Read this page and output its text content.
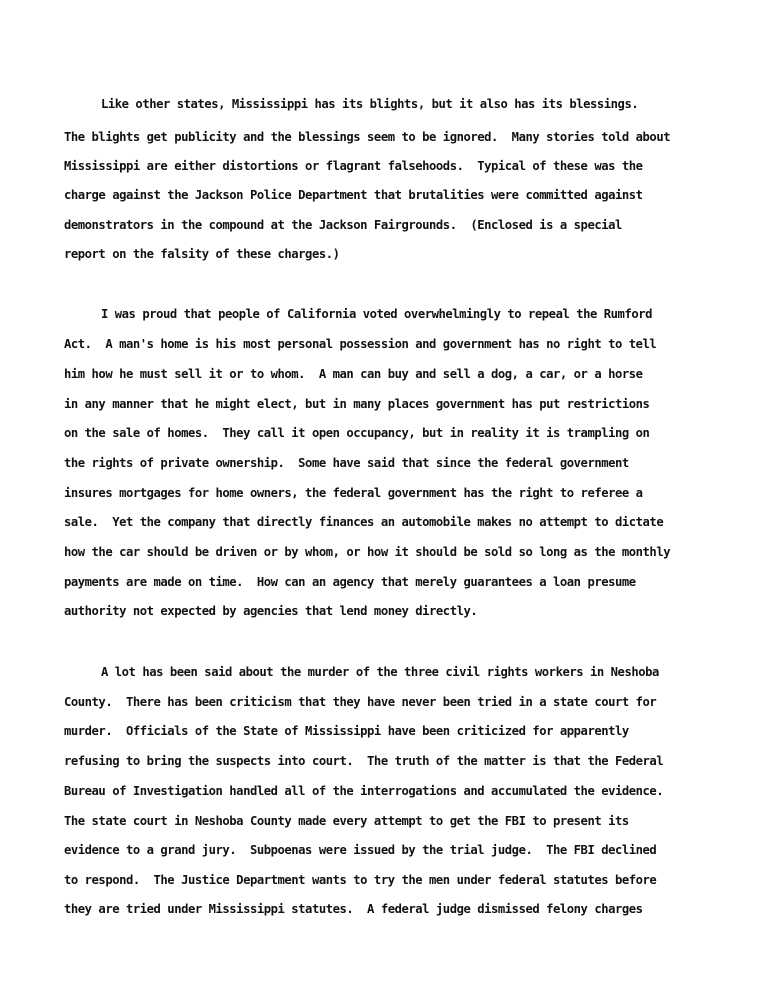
Like other states, Mississippi has its blights, but it also has its blessings.
The blights get publicity and the blessings seem to be ignored.  Many stories told about
Mississippi are either distortions or flagrant falsehoods.  Typical of these was the
charge against the Jackson Police Department that brutalities were committed against
demonstrators in the compound at the Jackson Fairgrounds.  (Enclosed is a special
report on the falsity of these charges.)
I was proud that people of California voted overwhelmingly to repeal the Rumford
Act.  A man's home is his most personal possession and government has no right to tell
him how he must sell it or to whom.  A man can buy and sell a dog, a car, or a horse
in any manner that he might elect, but in many places government has put restrictions
on the sale of homes.  They call it open occupancy, but in reality it is trampling on
the rights of private ownership.  Some have said that since the federal government
insures mortgages for home owners, the federal government has the right to referee a
sale.  Yet the company that directly finances an automobile makes no attempt to dictate
how the car should be driven or by whom, or how it should be sold so long as the monthly
payments are made on time.  How can an agency that merely guarantees a loan presume
authority not expected by agencies that lend money directly.
A lot has been said about the murder of the three civil rights workers in Neshoba
County.  There has been criticism that they have never been tried in a state court for
murder.  Officials of the State of Mississippi have been criticized for apparently
refusing to bring the suspects into court.  The truth of the matter is that the Federal
Bureau of Investigation handled all of the interrogations and accumulated the evidence.
The state court in Neshoba County made every attempt to get the FBI to present its
evidence to a grand jury.  Subpoenas were issued by the trial judge.  The FBI declined
to respond.  The Justice Department wants to try the men under federal statutes before
they are tried under Mississippi statutes.  A federal judge dismissed felony charges
